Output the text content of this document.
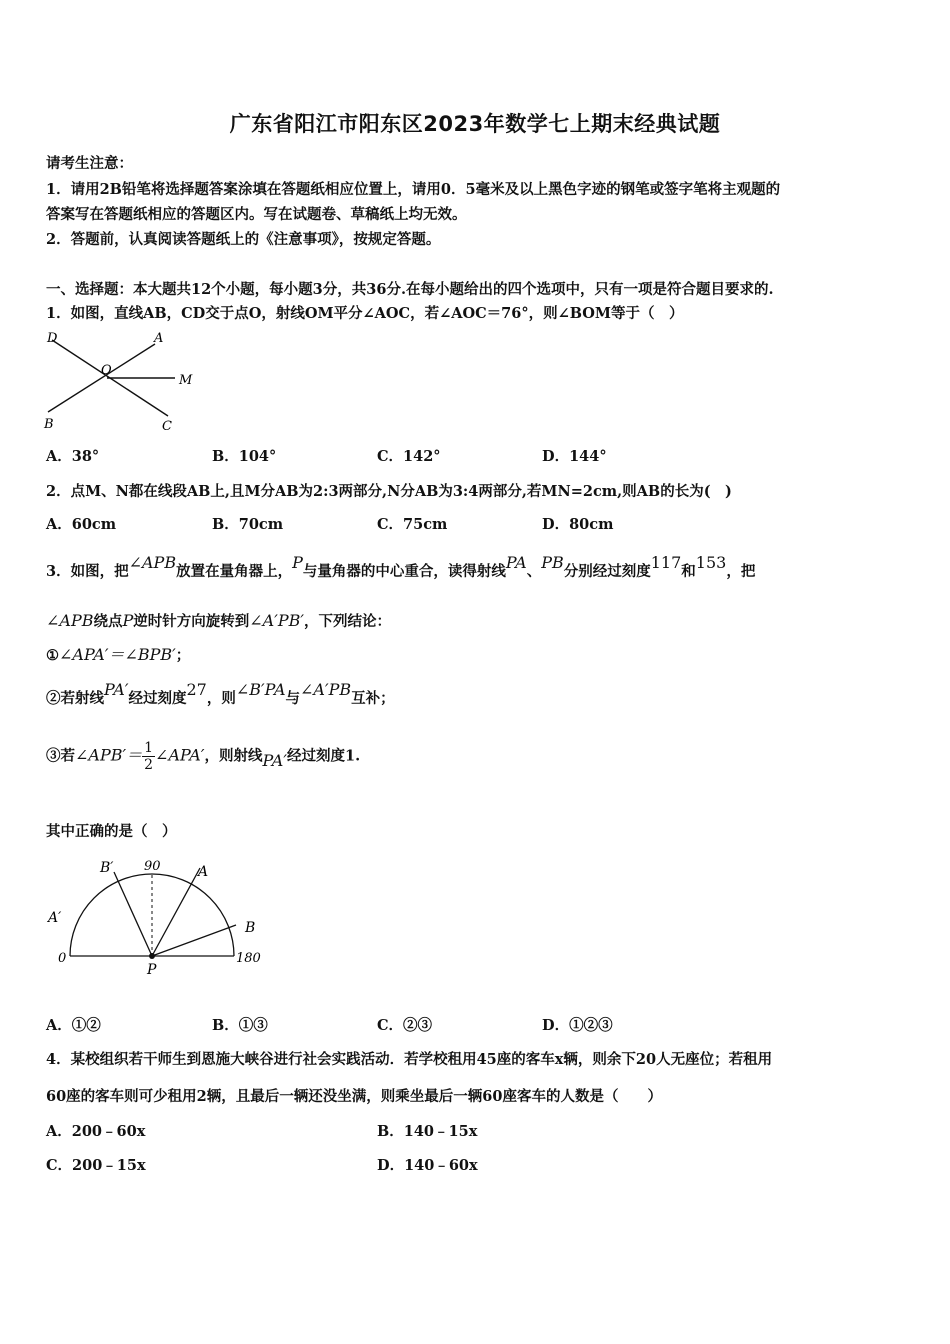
广东省阳江市阳东区2023年数学七上期末经典试题
请考生注意：
1．请用2B铅笔将选择题答案涂填在答题纸相应位置上，请用0．5毫米及以上黑色字迹的钢笔或签字笔将主观题的
答案写在答题纸相应的答题区内。写在试题卷、草稿纸上均无效。
2．答题前，认真阅读答题纸上的《注意事项》，按规定答题。
一、选择题：本大题共12个小题，每小题3分，共36分.在每小题给出的四个选项中，只有一项是符合题目要求的.
1．如图，直线AB，CD交于点O，射线OM平分∠AOC，若∠AOC＝76°，则∠BOM等于（　）
D	A
O
M
B	C
A．38°	B．104°	C．142°	D．144°
2．点M、N都在线段AB上,且M分AB为2:3两部分,N分AB为3:4两部分,若MN=2cm,则AB的长为(　)
A．60cm	B．70cm	C．75cm	D．80cm
3．如图，把∠APB放置在量角器上，P与量角器的中心重合，读得射线PA、PB分别经过刻度117和153，把
∠APB绕点P逆时针方向旋转到∠A′PB′，下列结论：
①∠APA′＝∠BPB′；
②若射线PA′经过刻度27，则∠B′PA与∠A′PB互补；
③若∠APB′＝ $\frac{1}{2}$ ∠APA′，则射线PA′经过刻度1.
其中正确的是（　）
B′ 90	A
A′
B
0	180
P
A．①②	B．①③	C．②③	D．①②③
4．某校组织若干师生到恩施大峡谷进行社会实践活动．若学校租用45座的客车x辆，则余下20人无座位；若租用
60座的客车则可少租用2辆，且最后一辆还没坐满，则乘坐最后一辆60座客车的人数是（　　）
A．200﹣60x	B．140﹣15x
C．200﹣15x	D．140﹣60x
